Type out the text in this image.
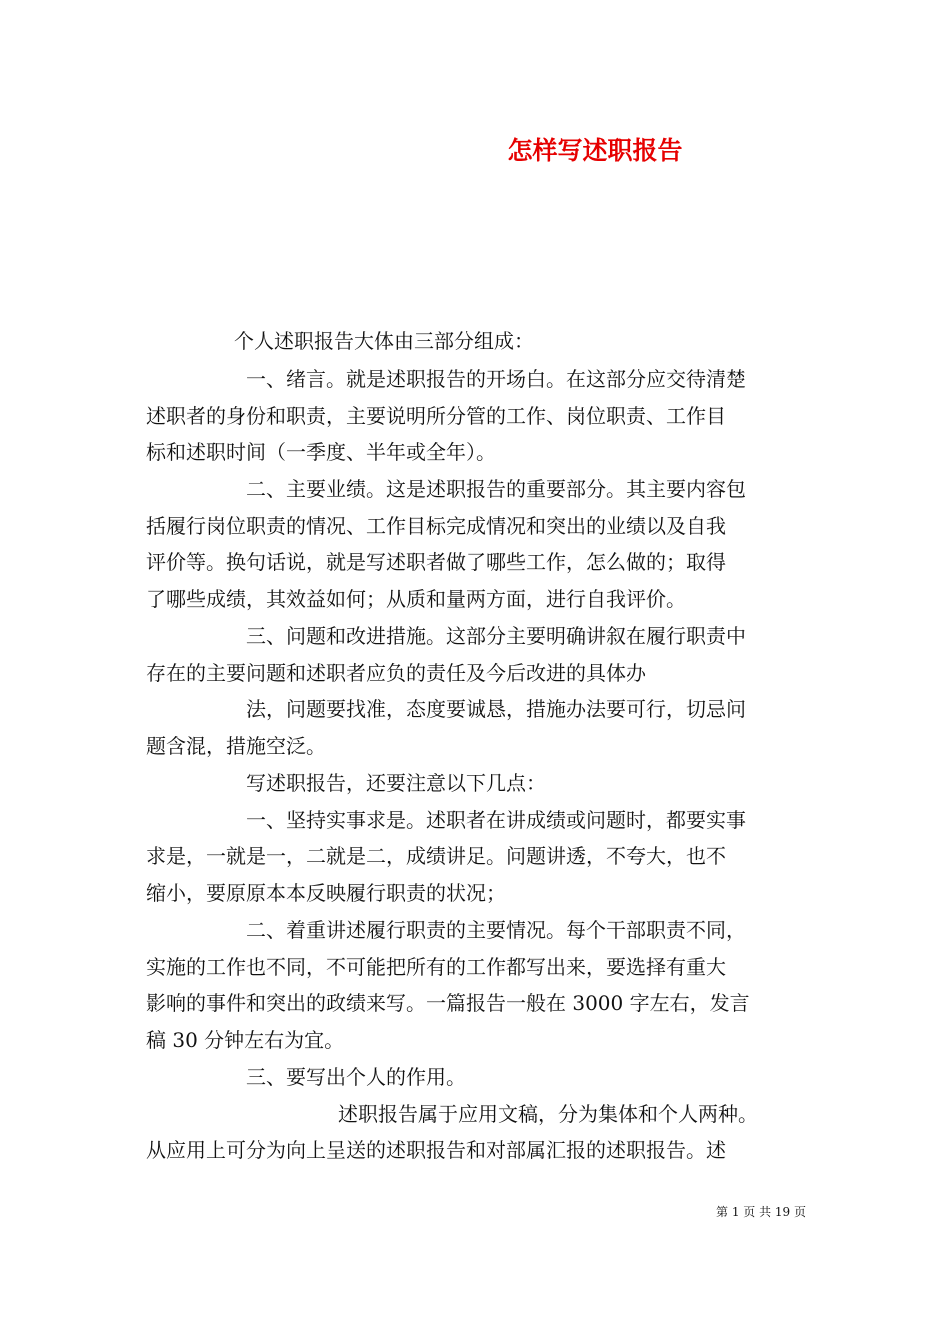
怎样写述职报告
个人述职报告大体由三部分组成：
一、绪言。就是述职报告的开场白。在这部分应交待清楚
述职者的身份和职责，主要说明所分管的工作、岗位职责、工作目
标和述职时间（一季度、半年或全年）。
二、主要业绩。这是述职报告的重要部分。其主要内容包
括履行岗位职责的情况、工作目标完成情况和突出的业绩以及自我
评价等。换句话说，就是写述职者做了哪些工作，怎么做的；取得
了哪些成绩，其效益如何；从质和量两方面，进行自我评价。
三、问题和改进措施。这部分主要明确讲叙在履行职责中
存在的主要问题和述职者应负的责任及今后改进的具体办
法，问题要找准，态度要诚恳，措施办法要可行，切忌问
题含混，措施空泛。
写述职报告，还要注意以下几点：
一、坚持实事求是。述职者在讲成绩或问题时，都要实事
求是，一就是一，二就是二，成绩讲足。问题讲透，不夸大，也不
缩小，要原原本本反映履行职责的状况；
二、着重讲述履行职责的主要情况。每个干部职责不同，
实施的工作也不同，不可能把所有的工作都写出来，要选择有重大
影响的事件和突出的政绩来写。一篇报告一般在 3000 字左右，发言
稿 30 分钟左右为宜。
三、要写出个人的作用。
述职报告属于应用文稿，分为集体和个人两种。
从应用上可分为向上呈送的述职报告和对部属汇报的述职报告。述
第 1 页 共 19 页
